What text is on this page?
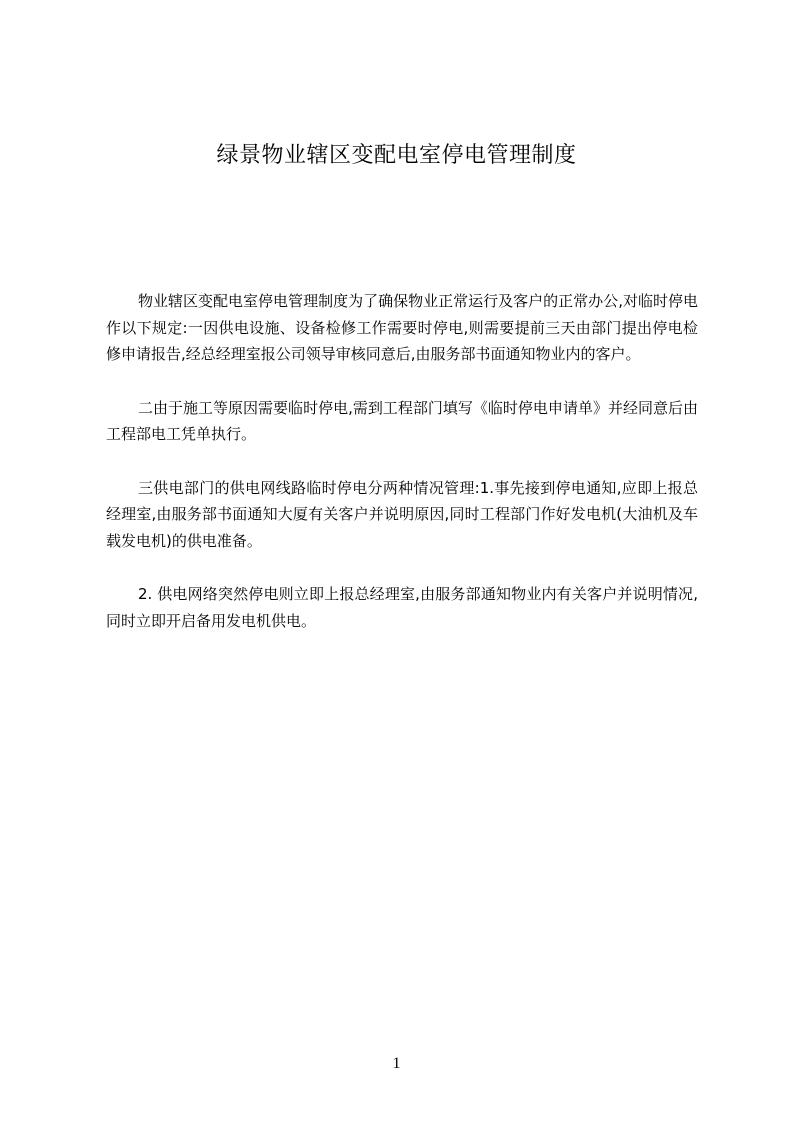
绿景物业辖区变配电室停电管理制度

物业辖区变配电室停电管理制度为了确保物业正常运行及客户的正常办公,对临时停电作以下规定:一因供电设施、设备检修工作需要时停电,则需要提前三天由部门提出停电检修申请报告,经总经理室报公司领导审核同意后,由服务部书面通知物业内的客户。

二由于施工等原因需要临时停电,需到工程部门填写《临时停电申请单》并经同意后由工程部电工凭单执行。

三供电部门的供电网线路临时停电分两种情况管理:1.事先接到停电通知,应即上报总经理室,由服务部书面通知大厦有关客户并说明原因,同时工程部门作好发电机(大油机及车载发电机)的供电准备。

2. 供电网络突然停电则立即上报总经理室,由服务部通知物业内有关客户并说明情况,同时立即开启备用发电机供电。

1
